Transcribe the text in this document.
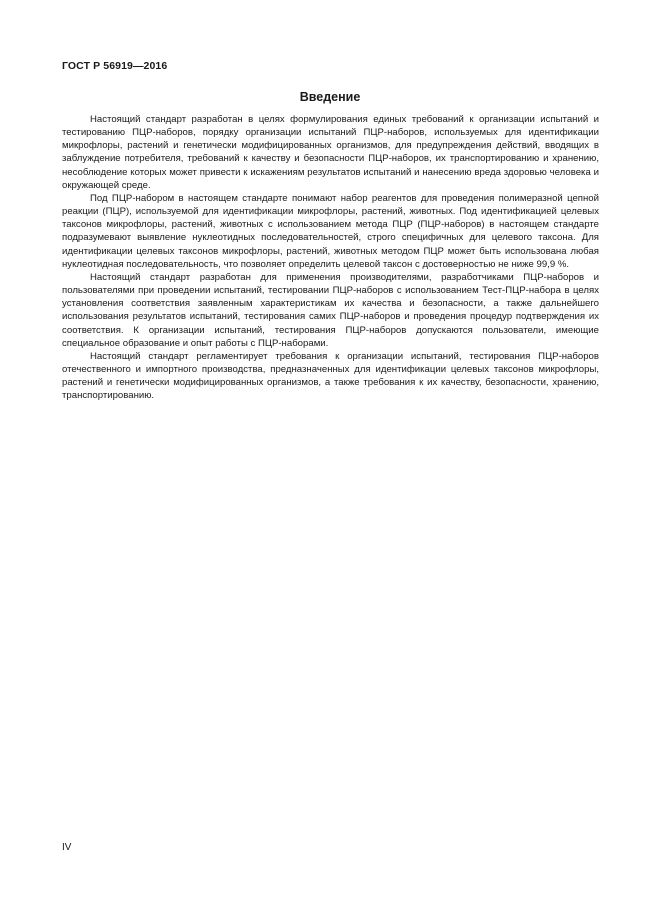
ГОСТ Р 56919—2016
Введение

Настоящий стандарт разработан в целях формулирования единых требований к организации испытаний и тестированию ПЦР-наборов, порядку организации испытаний ПЦР-наборов, используемых для идентификации микрофлоры, растений и генетически модифицированных организмов, для предупреждения действий, вводящих в заблуждение потребителя, требований к качеству и безопасности ПЦР-наборов, их транспортированию и хранению, несоблюдение которых может привести к искажениям результатов испытаний и нанесению вреда здоровью человека и окружающей среде.

Под ПЦР-набором в настоящем стандарте понимают набор реагентов для проведения полимеразной цепной реакции (ПЦР), используемой для идентификации микрофлоры, растений, животных. Под идентификацией целевых таксонов микрофлоры, растений, животных с использованием метода ПЦР (ПЦР-наборов) в настоящем стандарте подразумевают выявление нуклеотидных последовательностей, строго специфичных для целевого таксона. Для идентификации целевых таксонов микрофлоры, растений, животных методом ПЦР может быть использована любая нуклеотидная последовательность, что позволяет определить целевой таксон с достоверностью не ниже 99,9 %.

Настоящий стандарт разработан для применения производителями, разработчиками ПЦР-наборов и пользователями при проведении испытаний, тестировании ПЦР-наборов с использованием Тест-ПЦР-набора в целях установления соответствия заявленным характеристикам их качества и безопасности, а также дальнейшего использования результатов испытаний, тестирования самих ПЦР-наборов и проведения процедур подтверждения их соответствия. К организации испытаний, тестирования ПЦР-наборов допускаются пользователи, имеющие специальное образование и опыт работы с ПЦР-наборами.

Настоящий стандарт регламентирует требования к организации испытаний, тестирования ПЦР-наборов отечественного и импортного производства, предназначенных для идентификации целевых таксонов микрофлоры, растений и генетически модифицированных организмов, а также требования к их качеству, безопасности, хранению, транспортированию.

IV
